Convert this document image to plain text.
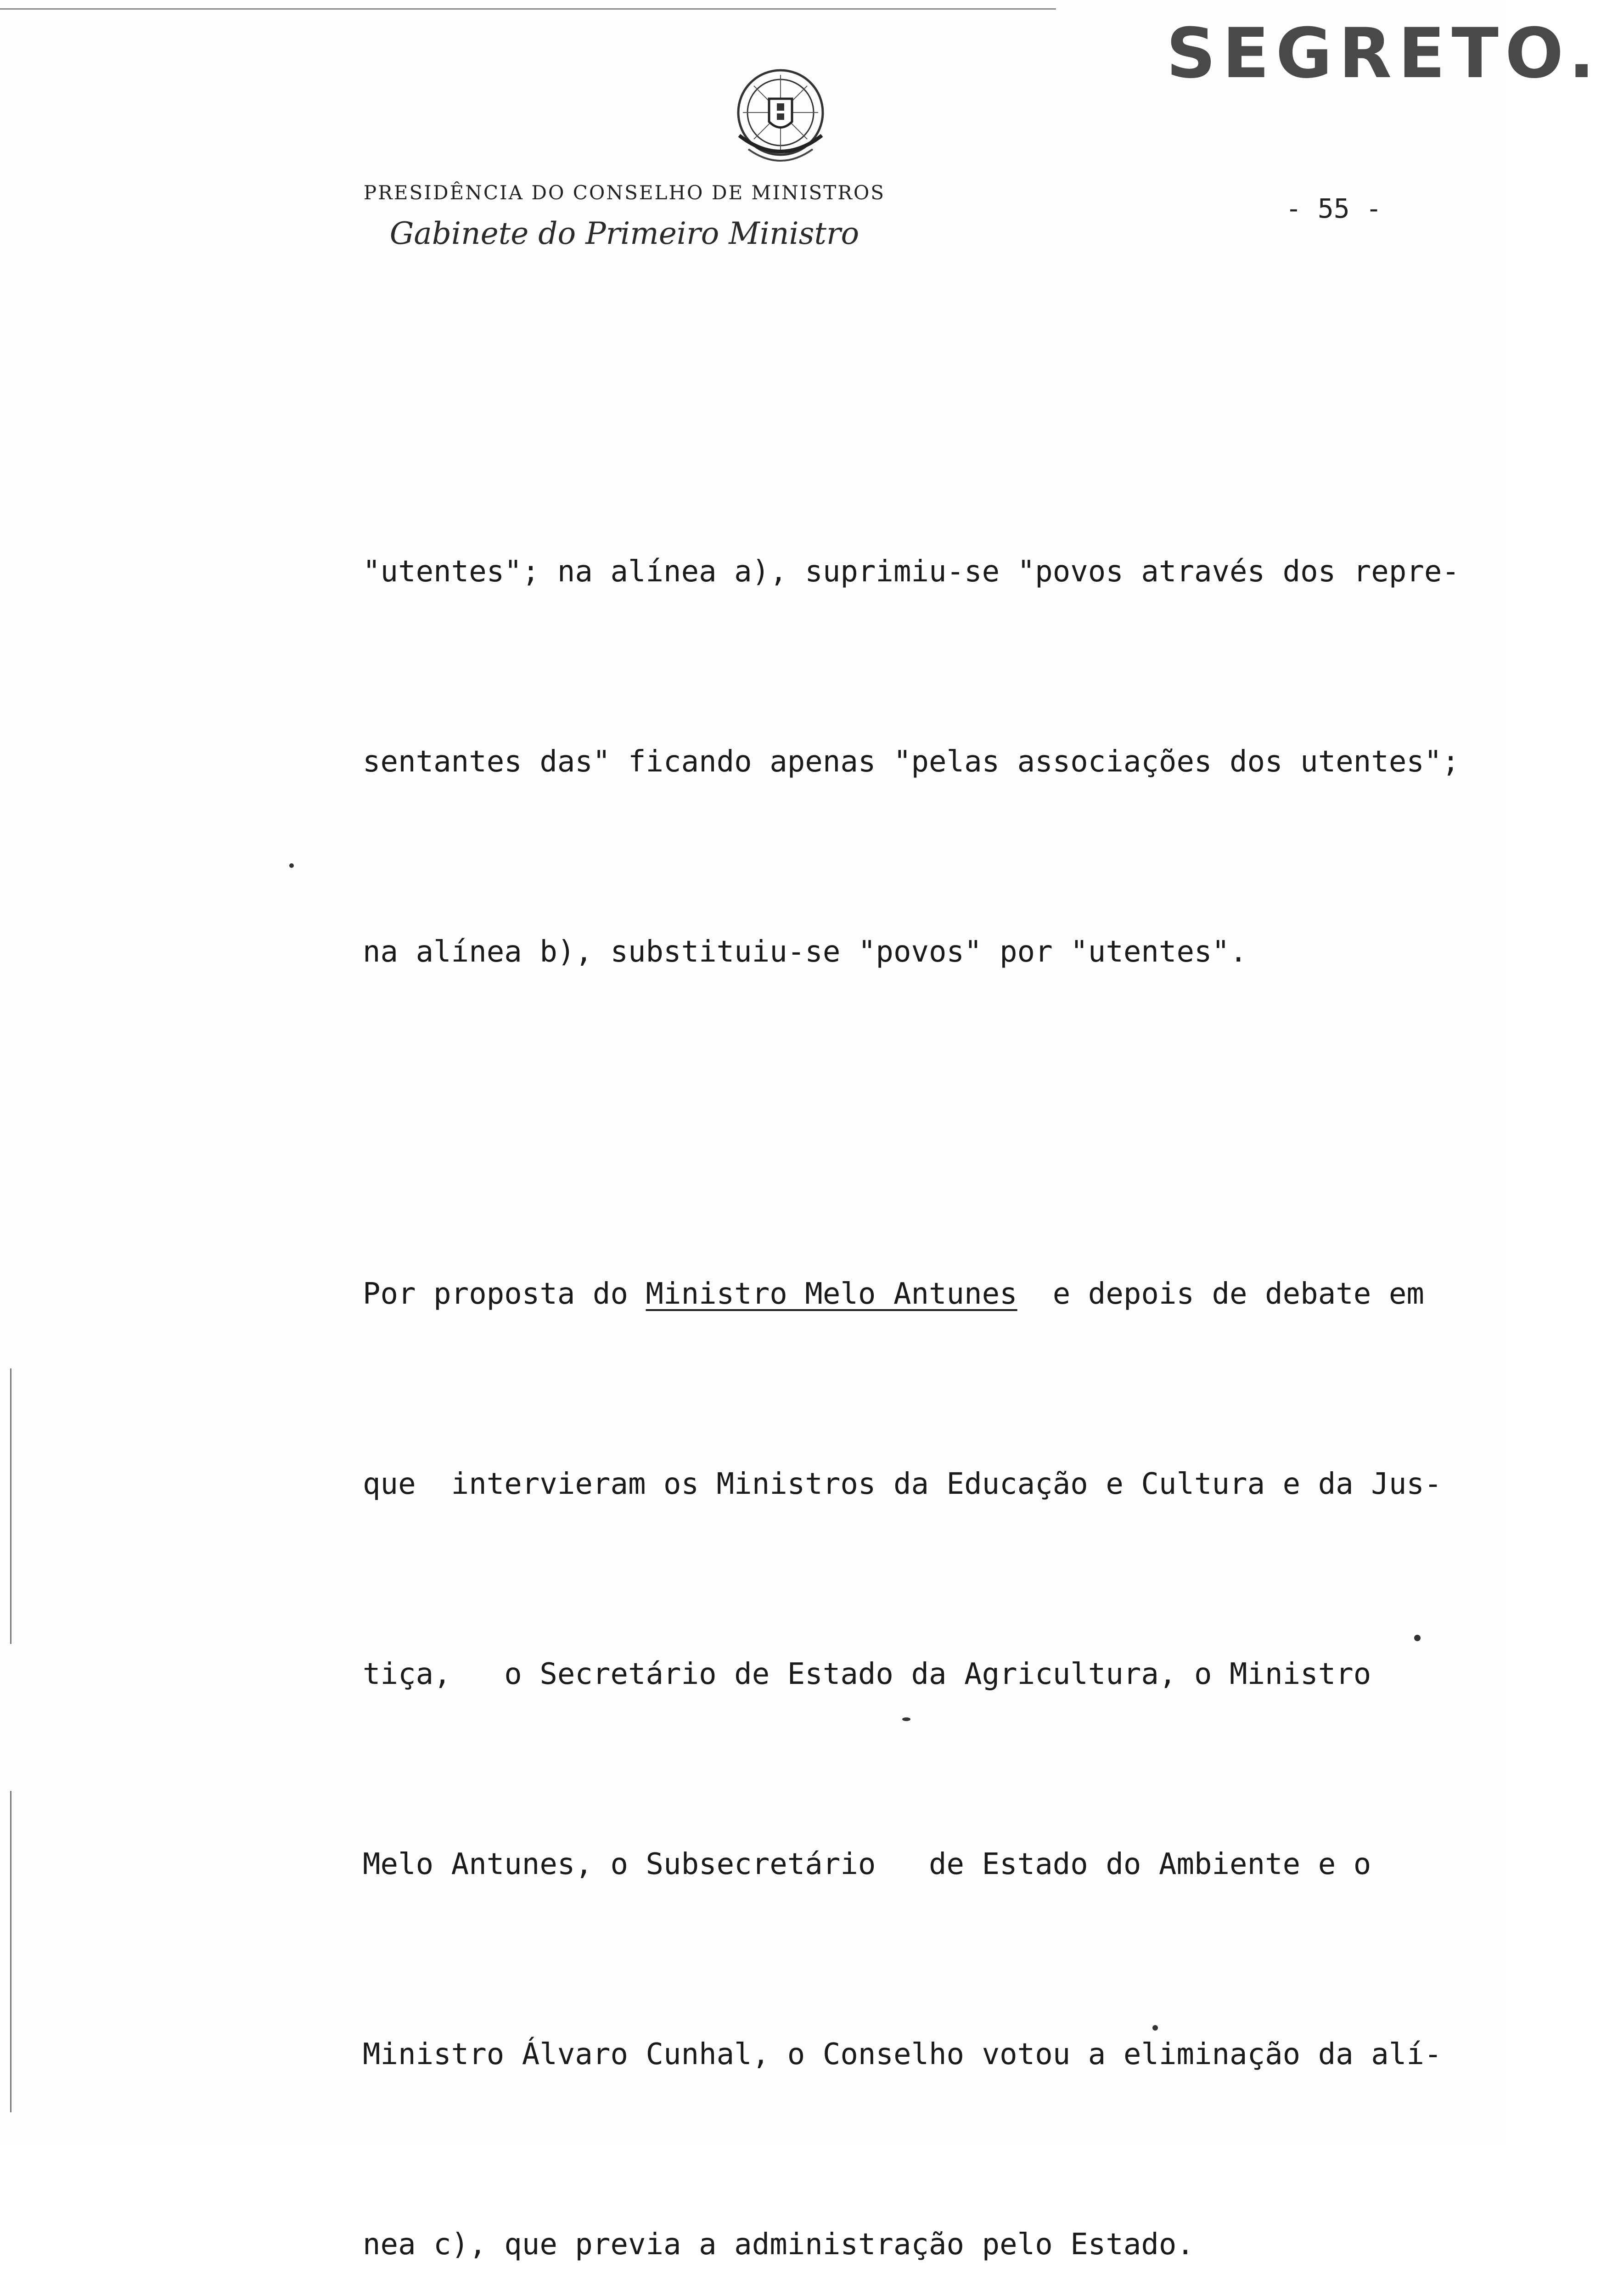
SEGRETO.
PRESIDÊNCIA DO CONSELHO DE MINISTROS
Gabinete do Primeiro Ministro
- 55 -

"utentes"; na alínea a), suprimiu-se "povos através dos repre-

sentantes das" ficando apenas "pelas associações dos utentes";

na alínea b), substituiu-se "povos" por "utentes".

Por proposta do Ministro Melo Antunes  e depois de debate em

que  intervieram os Ministros da Educação e Cultura e da Jus-

tiça,   o Secretário de Estado da Agricultura, o Ministro

Melo Antunes, o Subsecretário   de Estado do Ambiente e o

Ministro Álvaro Cunhal, o Conselho votou a eliminação da alí-

nea c), que previa a administração pelo Estado.
